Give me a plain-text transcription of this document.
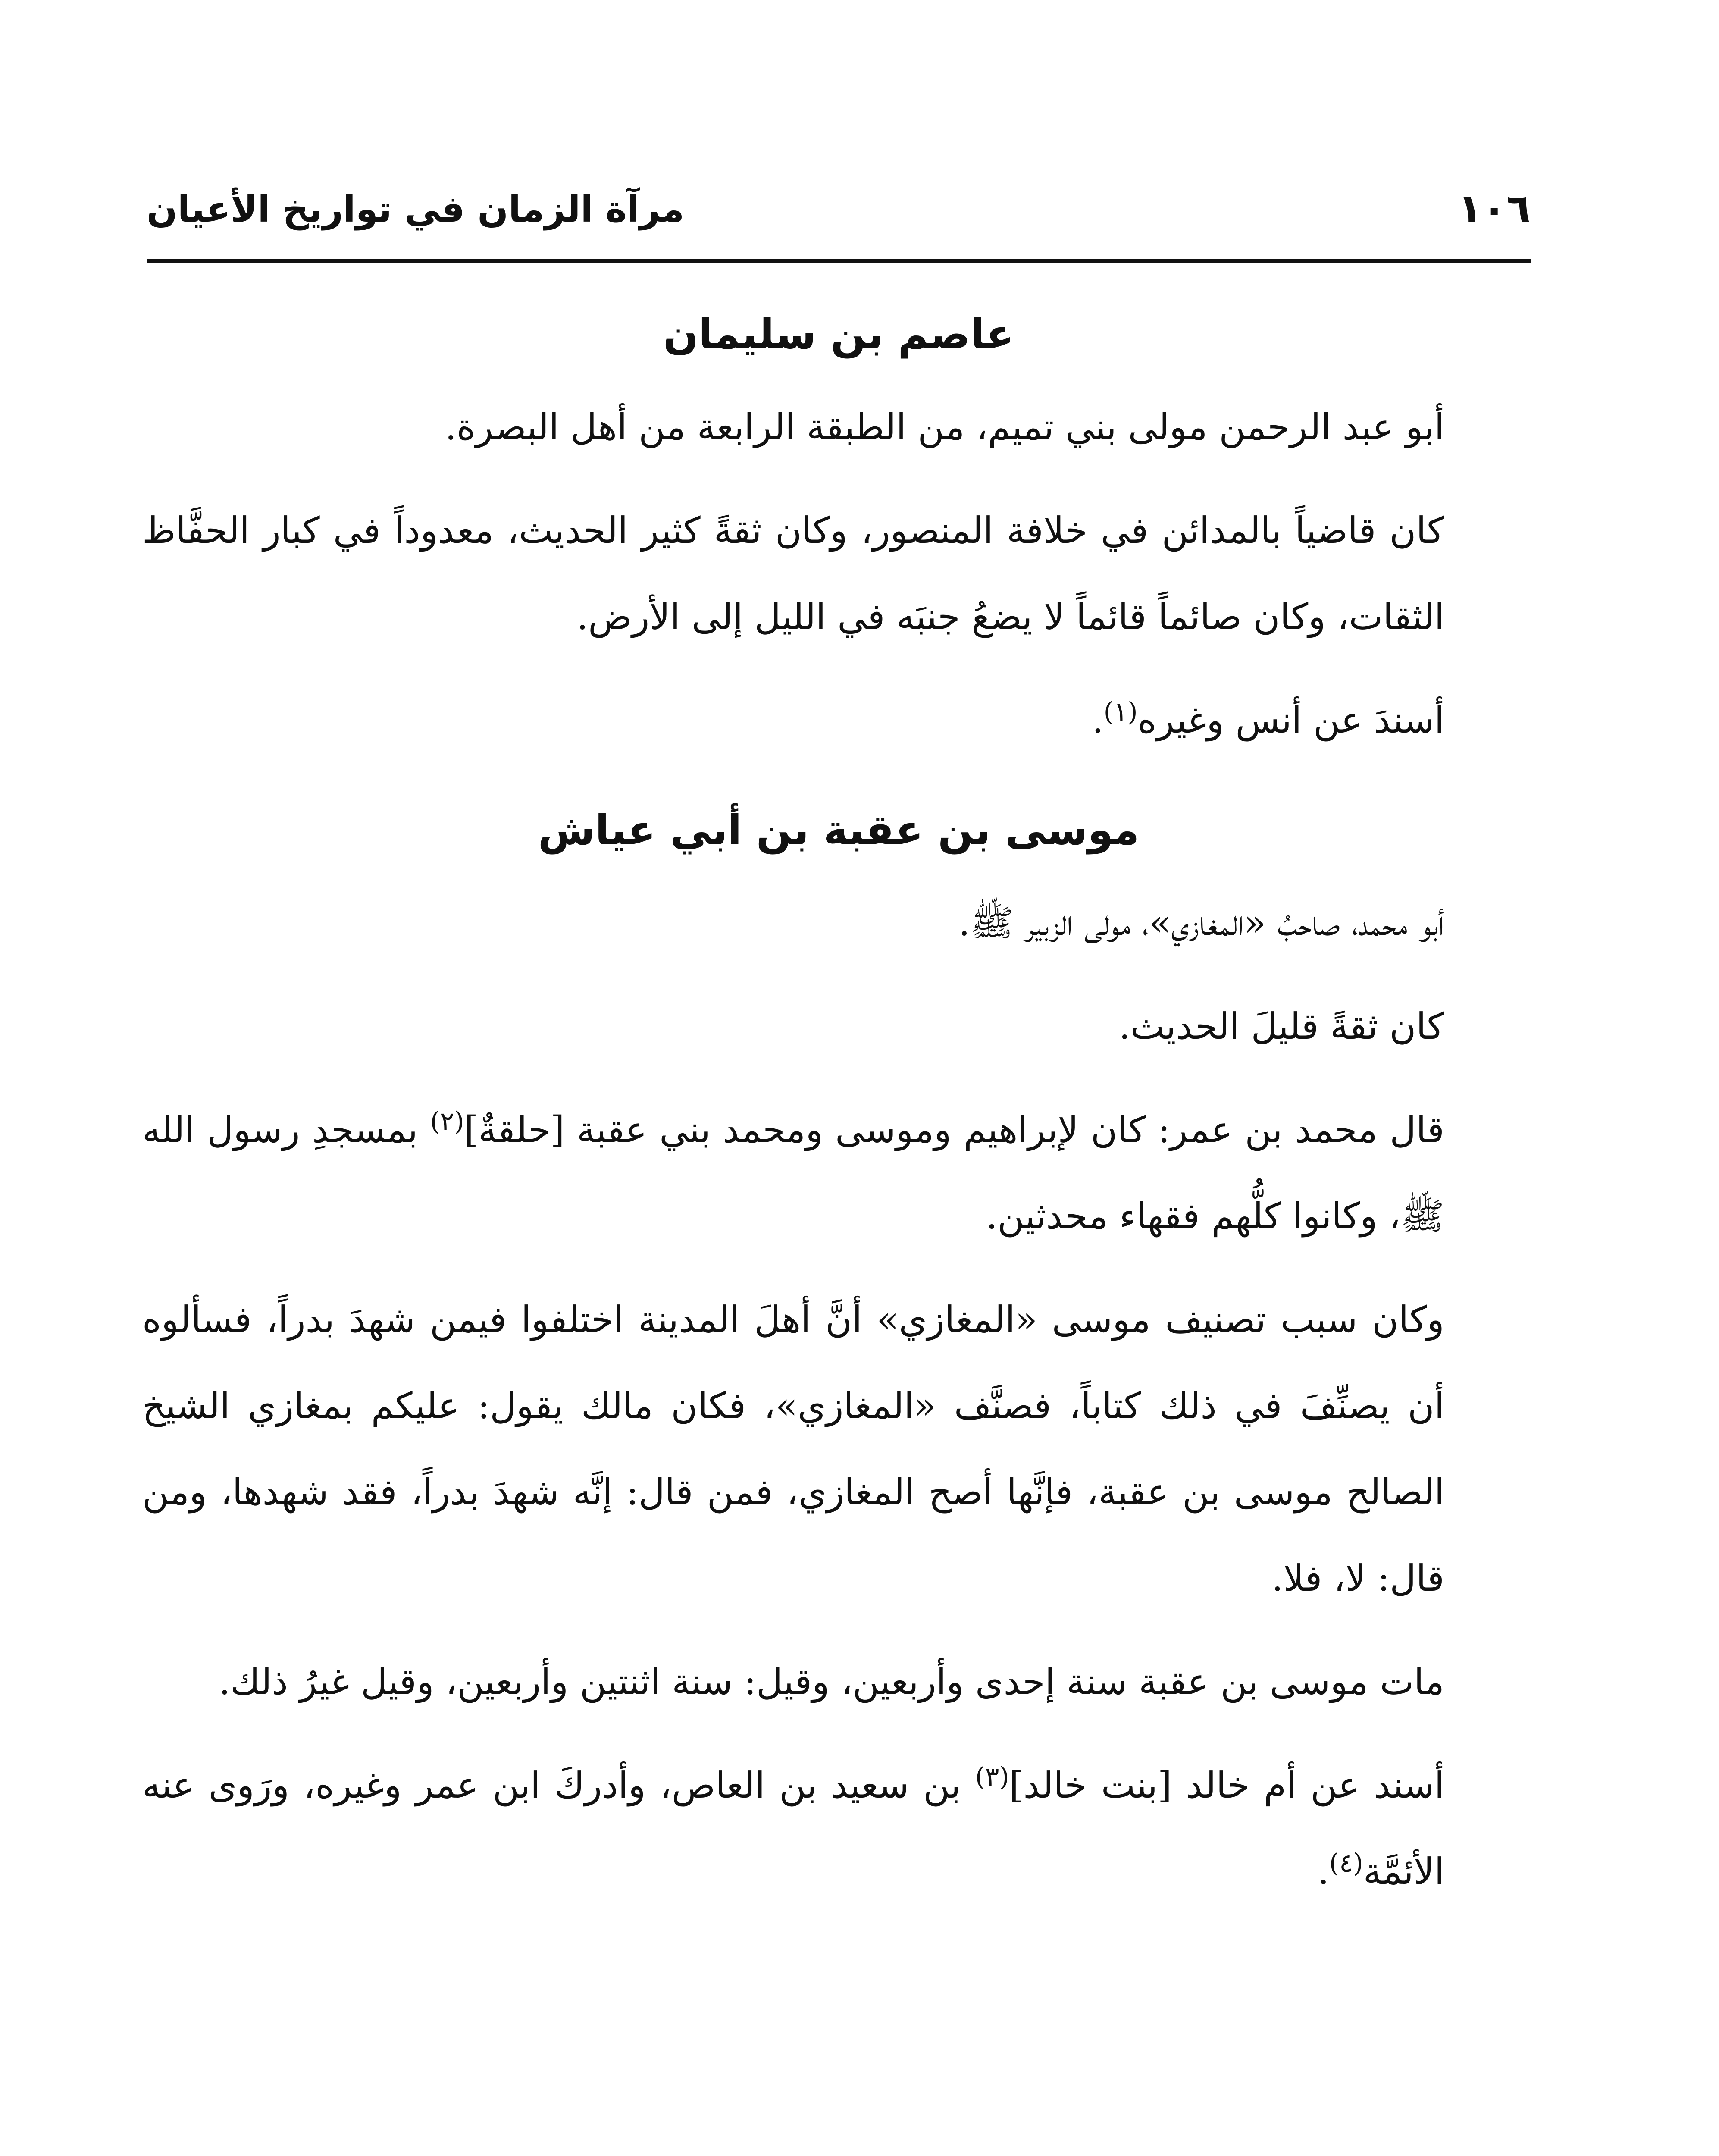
١٠٦
مرآة الزمان في تواريخ الأعيان
عاصم بن سليمان

أبو عبد الرحمن مولى بني تميم، من الطبقة الرابعة من أهل البصرة.

كان قاضياً بالمدائن في خلافة المنصور، وكان ثقةً كثير الحديث، معدوداً في كبار الحفَّاظ الثقات، وكان صائماً قائماً لا يضعُ جنبَه في الليل إلى الأرض.

أسندَ عن أنس وغيره$^{(١)}$.

موسى بن عقبة بن أبي عياش

أبو محمد، صاحبُ «المغازي»، مولى الزبير ﷺ.

كان ثقةً قليلَ الحديث.

قال محمد بن عمر: كان لإبراهيم وموسى ومحمد بني عقبة [حلقةٌ]$^{(٢)}$ بمسجدِ رسول الله ﷺ، وكانوا كلُّهم فقهاء محدثين.

وكان سبب تصنيف موسى «المغازي» أنَّ أهلَ المدينة اختلفوا فيمن شهدَ بدراً، فسألوه أن يصنِّفَ في ذلك كتاباً، فصنَّف «المغازي»، فكان مالك يقول: عليكم بمغازي الشيخ الصالح موسى بن عقبة، فإنَّها أصح المغازي، فمن قال: إنَّه شهدَ بدراً، فقد شهدها، ومن قال: لا، فلا.

مات موسى بن عقبة سنة إحدى وأربعين، وقيل: سنة اثنتين وأربعين، وقيل غيرُ ذلك.

أسند عن أم خالد [بنت خالد]$^{(٣)}$ بن سعيد بن العاص، وأدركَ ابن عمر وغيره، ورَوى عنه الأئمَّة$^{(٤)}$.
